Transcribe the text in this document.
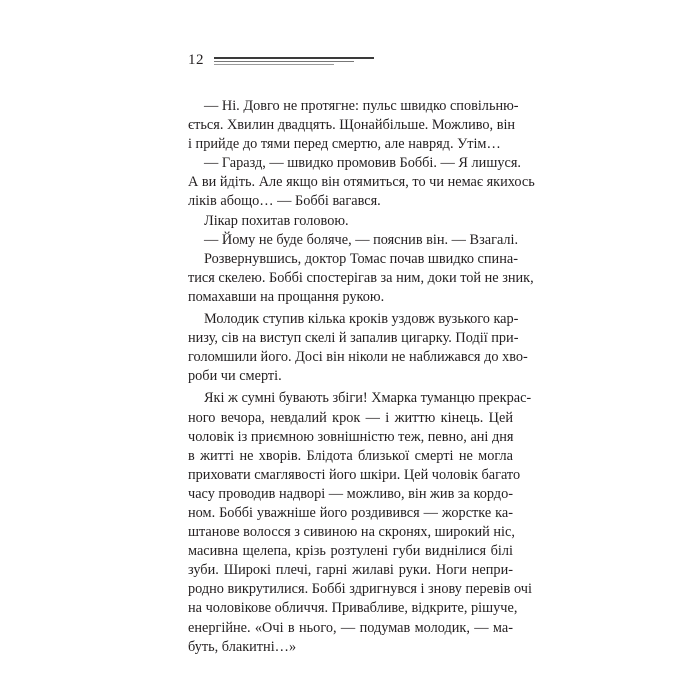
12
— Ні. Довго не протягне: пульс швидко сповільню-
ється. Хвилин двадцять. Щонайбільше. Можливо, він
і прийде до тями перед смертю, але навряд. Утім…
— Гаразд, — швидко промовив Боббі. — Я лишуся.
А ви йдіть. Але якщо він отямиться, то чи немає якихось
ліків абощо… — Боббі вагався.
Лікар похитав головою.
— Йому не буде боляче, — пояснив він. — Взагалі.
Розвернувшись, доктор Томас почав швидко спина-
тися скелею. Боббі спостерігав за ним, доки той не зник,
помахавши на прощання рукою.
Молодик ступив кілька кроків уздовж вузького кар-
низу, сів на виступ скелі й запалив цигарку. Події при-
голомшили його. Досі він ніколи не наближався до хво-
роби чи смерті.
Які ж сумні бувають збіги! Хмарка туманцю прекрас-
ного вечора, невдалий крок — і життю кінець. Цей
чоловік із приємною зовнішністю теж, певно, ані дня
в житті не хворів. Блідота близької смерті не могла
приховати смаглявості його шкіри. Цей чоловік багато
часу проводив надворі — можливо, він жив за кордо-
ном. Боббі уважніше його роздивився — жорстке ка-
штанове волосся з сивиною на скронях, широкий ніс,
масивна щелепа, крізь розтулені губи виднілися білі
зуби. Широкі плечі, гарні жилаві руки. Ноги непри-
родно викрутилися. Боббі здригнувся і знову перевів очі
на чоловікове обличчя. Привабливе, відкрите, рішуче,
енергійне. «Очі в нього, — подумав молодик, — ма-
буть, блакитні…»
